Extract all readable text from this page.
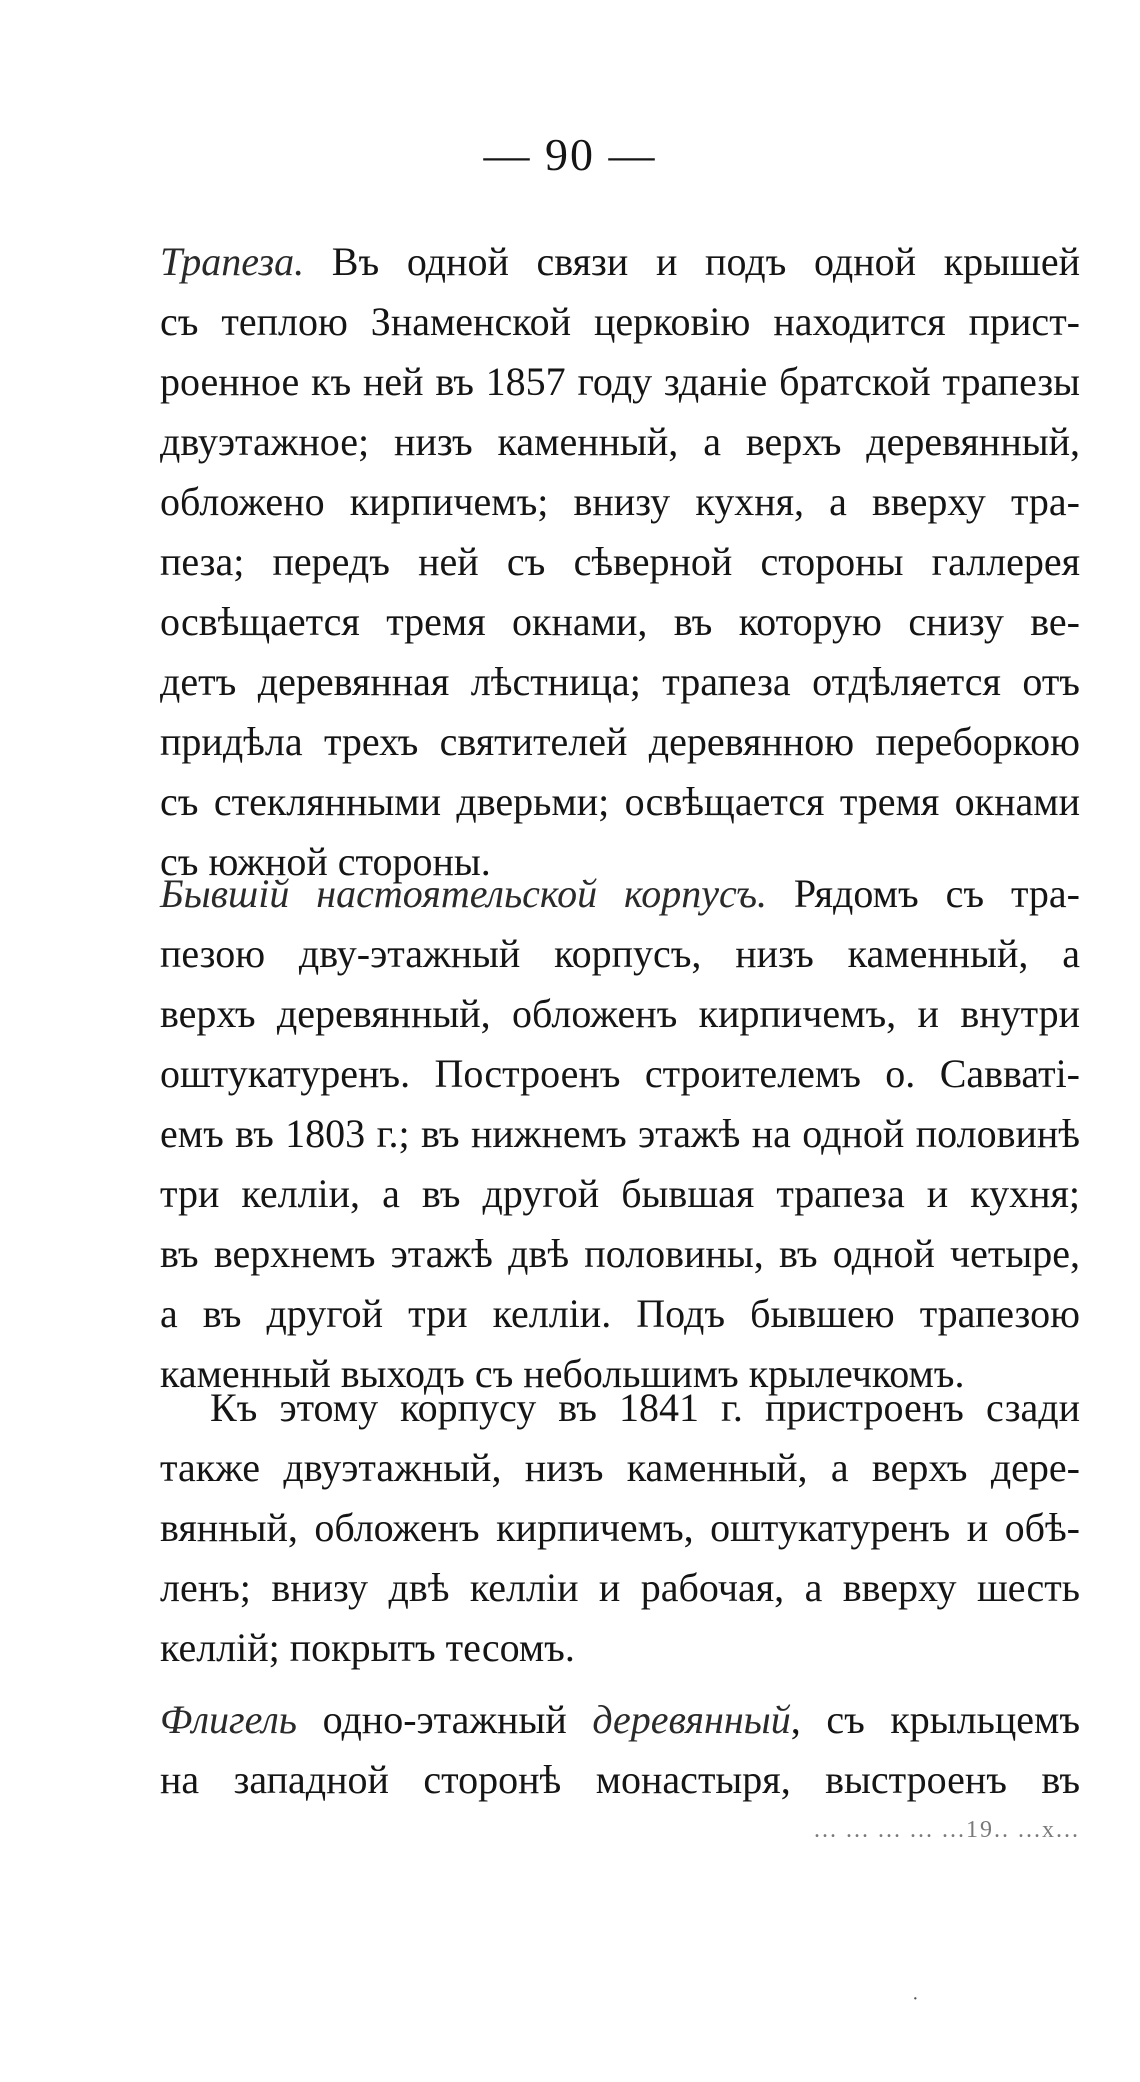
— 90 —
Трапеза. Въ одной связи и подъ одной крышей
съ теплою Знаменской церковію находится прист-
роенное къ ней въ 1857 году зданіе братской трапезы
двуэтажное; низъ каменный, а верхъ деревянный,
обложено кирпичемъ; внизу кухня, а вверху тра-
пеза; передъ ней съ сѣверной стороны галлерея
освѣщается тремя окнами, въ которую снизу ве-
детъ деревянная лѣстница; трапеза отдѣляется отъ
придѣла трехъ святителей деревянною переборкою
съ стеклянными дверьми; освѣщается тремя окнами
съ южной стороны.
Бывшій настоятельской корпусъ. Рядомъ съ тра-
пезою дву-этажный корпусъ, низъ каменный, а
верхъ деревянный, обложенъ кирпичемъ, и внутри
оштукатуренъ. Построенъ строителемъ о. Савваті-
емъ въ 1803 г.; въ нижнемъ этажѣ на одной половинѣ
три келліи, а въ другой бывшая трапеза и кухня;
въ верхнемъ этажѣ двѣ половины, въ одной четыре,
а въ другой три келліи. Подъ бывшею трапезою
каменный выходъ съ небольшимъ крылечкомъ.
Къ этому корпусу въ 1841 г. пристроенъ сзади
также двуэтажный, низъ каменный, а верхъ дере-
вянный, обложенъ кирпичемъ, оштукатуренъ и обѣ-
ленъ; внизу двѣ келліи и рабочая, а вверху шесть
келлій; покрытъ тесомъ.
Флигель одно-этажный деревянный, съ крыльцемъ
на западной сторонѣ монастыря, выстроенъ въ
... ... ... ... ...19.. ...х...
·
